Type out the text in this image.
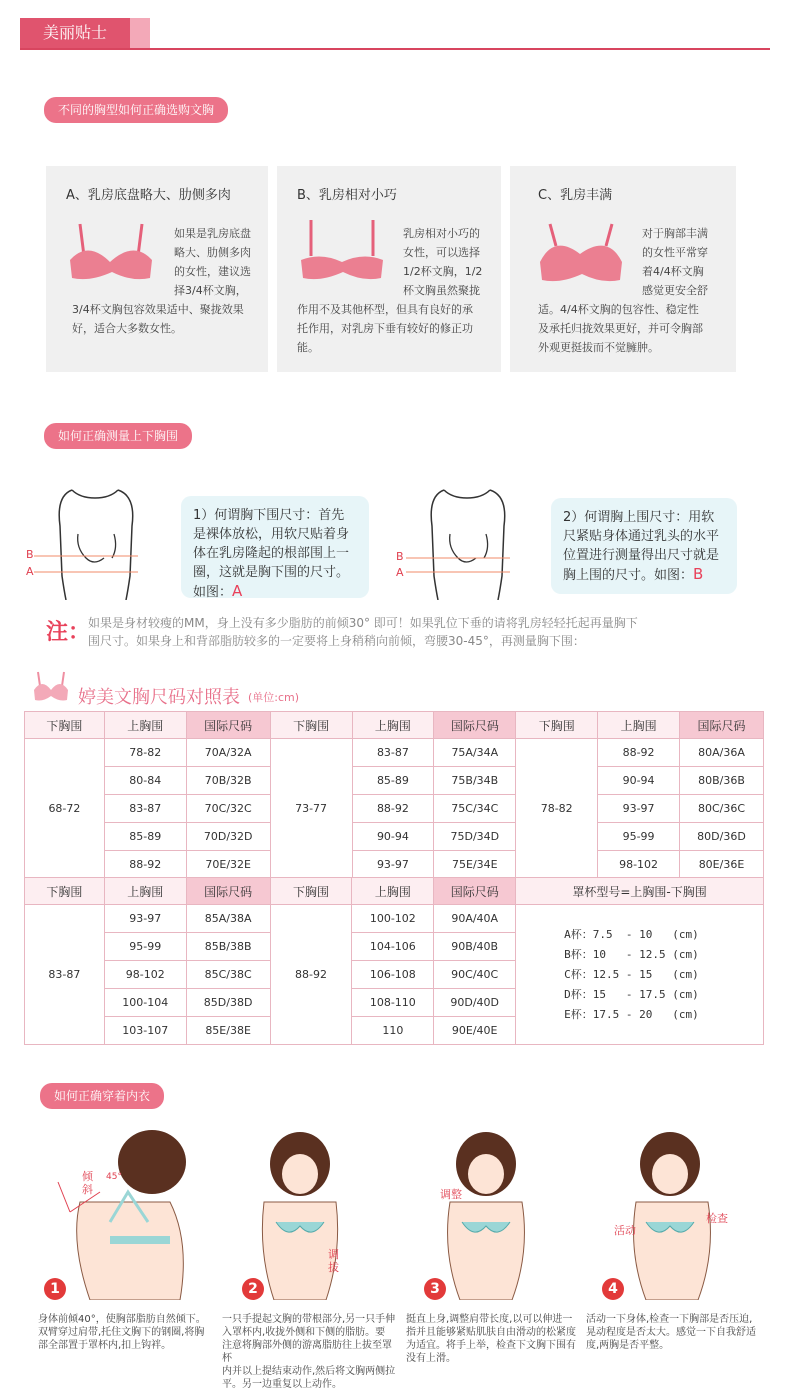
美丽贴士
不同的胸型如何正确选购文胸
A、乳房底盘略大、肋侧多肉
如果是乳房底盘
略大、肋侧多肉
的女性，建议选
择3/4杯文胸，
3/4杯文胸包容效果适中、聚拢效果
好，适合大多数女性。
B、乳房相对小巧
乳房相对小巧的
女性，可以选择
1/2杯文胸，1/2
杯文胸虽然聚拢
作用不及其他杯型，但具有良好的承
托作用，对乳房下垂有较好的修正功
能。
C、乳房丰满
对于胸部丰满
的女性平常穿
着4/4杯文胸
感觉更安全舒
适。4/4杯文胸的包容性、稳定性
及承托归拢效果更好，并可令胸部
外观更挺拔而不觉臃肿。
如何正确测量上下胸围
B
A
1）何谓胸下围尺寸：首先
是裸体放松，用软尺贴着身
体在乳房隆起的根部围上一
圈，这就是胸下围的尺寸。
如图：A
B
A
2）何谓胸上围尺寸：用软
尺紧贴身体通过乳头的水平
位置进行测量得出尺寸就是
胸上围的尺寸。如图：B
注：
如果是身材较瘦的MM，身上没有多少脂肪的前倾30° 即可！如果乳位下垂的请将乳房轻轻托起再量胸下
围尺寸。如果身上和背部脂肪较多的一定要将上身稍稍向前倾，弯腰30-45°，再测量胸下围：
婷美文胸尺码对照表 (单位:cm)
下胸围	上胸围	国际尺码	下胸围	上胸围	国际尺码	下胸围	上胸围	国际尺码
68-72	78-82	70A/32A	73-77	83-87	75A/34A	78-82	88-92	80A/36A
	80-84	70B/32B		85-89	75B/34B		90-94	80B/36B
	83-87	70C/32C		88-92	75C/34C		93-97	80C/36C
	85-89	70D/32D		90-94	75D/34D		95-99	80D/36D
	88-92	70E/32E		93-97	75E/34E		98-102	80E/36E
下胸围	上胸围	国际尺码	下胸围	上胸围	国际尺码	罩杯型号=上胸围-下胸围
83-87	93-97	85A/38A	88-92	100-102	90A/40A	A杯：7.5  - 10   (cm)
B杯：10   - 12.5 (cm)
C杯：12.5 - 15   (cm)
D杯：15   - 17.5 (cm)
E杯：17.5 - 20   (cm)

	95-99	85B/38B		104-106	90B/40B	
	98-102	85C/38C		106-108	90C/40C	
	100-104	85D/38D		108-110	90D/40D	
	103-107	85E/38E		110	90E/40E	
如何正确穿着内衣
倾斜
45°
调拔
调整
活动
检查
1	2	3	4
身体前倾40°，使胸部脂肪自然倾下。
双臂穿过肩带,托住文胸下的钢圈,将胸
部全部置于罩杯内,扣上钩袢。
一只手提起文胸的带根部分,另一只手伸
入罩杯内,收拢外侧和下侧的脂肪。要
注意将胸部外侧的游离脂肪往上拔至罩杯
内并以上提结束动作,然后将文胸两侧拉
平。另一边重复以上动作。
挺直上身,调整肩带长度,以可以伸进一
指并且能够紧贴肌肤自由滑动的松紧度
为适宜。将手上举，检查下文胸下围有
没有上滑。
活动一下身体,检查一下胸部是否压迫,
晃动程度是否太大。感觉一下自我舒适
度,两胸是否平整。
